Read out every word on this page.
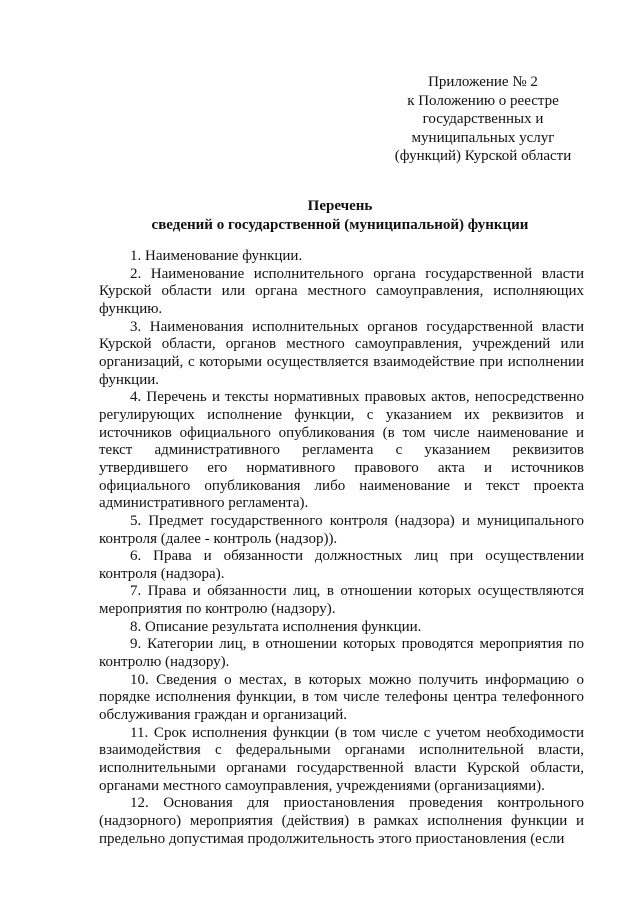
Приложение № 2
к Положению о реестре
государственных и
муниципальных услуг
(функций) Курской области
Перечень
сведений о государственной (муниципальной) функции

1. Наименование функции.

2. Наименование исполнительного органа государственной власти Курской области или органа местного самоуправления, исполняющих функцию.

3. Наименования исполнительных органов государственной власти Курской области, органов местного самоуправления, учреждений или организаций, с которыми осуществляется взаимодействие при исполнении функции.

4. Перечень и тексты нормативных правовых актов, непосредственно регулирующих исполнение функции, с указанием их реквизитов и источников официального опубликования (в том числе наименование и текст административного регламента с указанием реквизитов утвердившего его нормативного правового акта и источников официального опубликования либо наименование и текст проекта административного регламента).

5. Предмет государственного контроля (надзора) и муниципального контроля (далее - контроль (надзор)).

6. Права и обязанности должностных лиц при осуществлении контроля (надзора).

7. Права и обязанности лиц, в отношении которых осуществляются мероприятия по контролю (надзору).

8. Описание результата исполнения функции.

9. Категории лиц, в отношении которых проводятся мероприятия по контролю (надзору).

10. Сведения о местах, в которых можно получить информацию о порядке исполнения функции, в том числе телефоны центра телефонного обслуживания граждан и организаций.

11. Срок исполнения функции (в том числе с учетом необходимости взаимодействия с федеральными органами исполнительной власти, исполнительными органами государственной власти Курской области, органами местного самоуправления, учреждениями (организациями).

12. Основания для приостановления проведения контрольного (надзорного) мероприятия (действия) в рамках исполнения функции и предельно допустимая продолжительность этого приостановления (если
